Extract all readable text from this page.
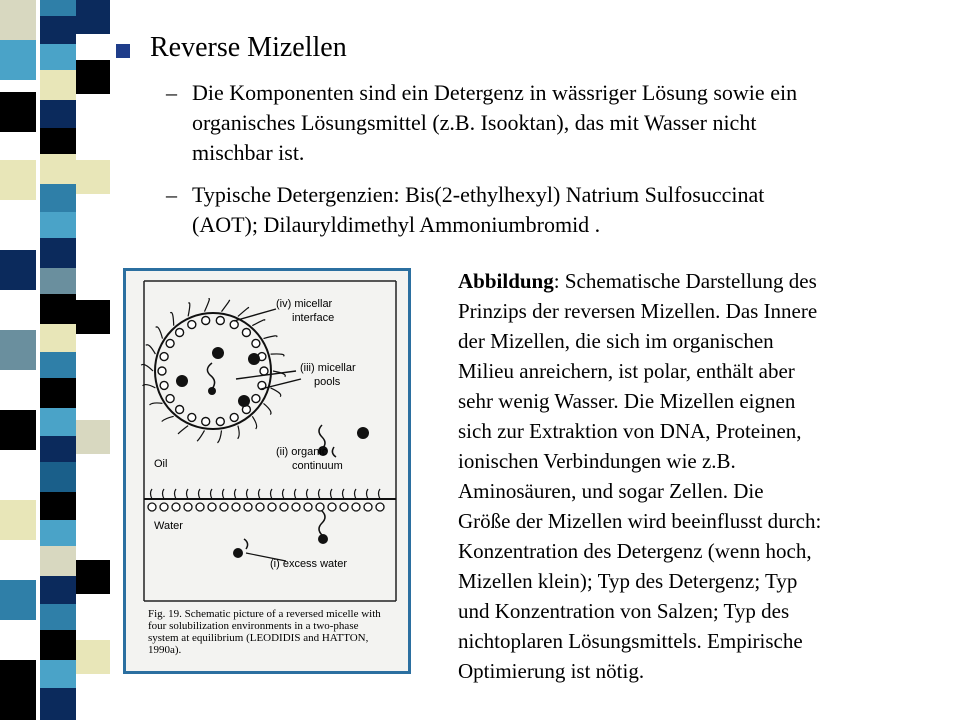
Reverse Mizellen
– Die Komponenten sind ein Detergenz in wässriger Lösung sowie ein
organisches Lösungsmittel (z.B. Isooktan), das mit Wasser nicht
mischbar ist.
– Typische Detergenzien: Bis(2-ethylhexyl) Natrium Sulfosuccinat
(AOT); Dilauryldimethyl Ammoniumbromid .
(iv) micellar
interface
(iii) micellar
pools
(ii) organic
continuum
Oil
Water
(i) excess water
Fig. 19. Schematic picture of a reversed micelle with
four solubilization environments in a two-phase
system at equilibrium (LEODIDIS and HATTON,
1990a).
Abbildung: Schematische Darstellung des
Prinzips der reversen Mizellen. Das Innere
der Mizellen, die sich im organischen
Milieu anreichern, ist polar, enthält aber
sehr wenig Wasser. Die Mizellen eignen
sich zur Extraktion von DNA, Proteinen,
ionischen Verbindungen wie z.B.
Aminosäuren, und sogar Zellen. Die
Größe der Mizellen wird beeinflusst durch:
Konzentration des Detergenz (wenn hoch,
Mizellen klein); Typ des Detergenz; Typ
und Konzentration von Salzen; Typ des
nichtoplaren Lösungsmittels. Empirische
Optimierung ist nötig.
